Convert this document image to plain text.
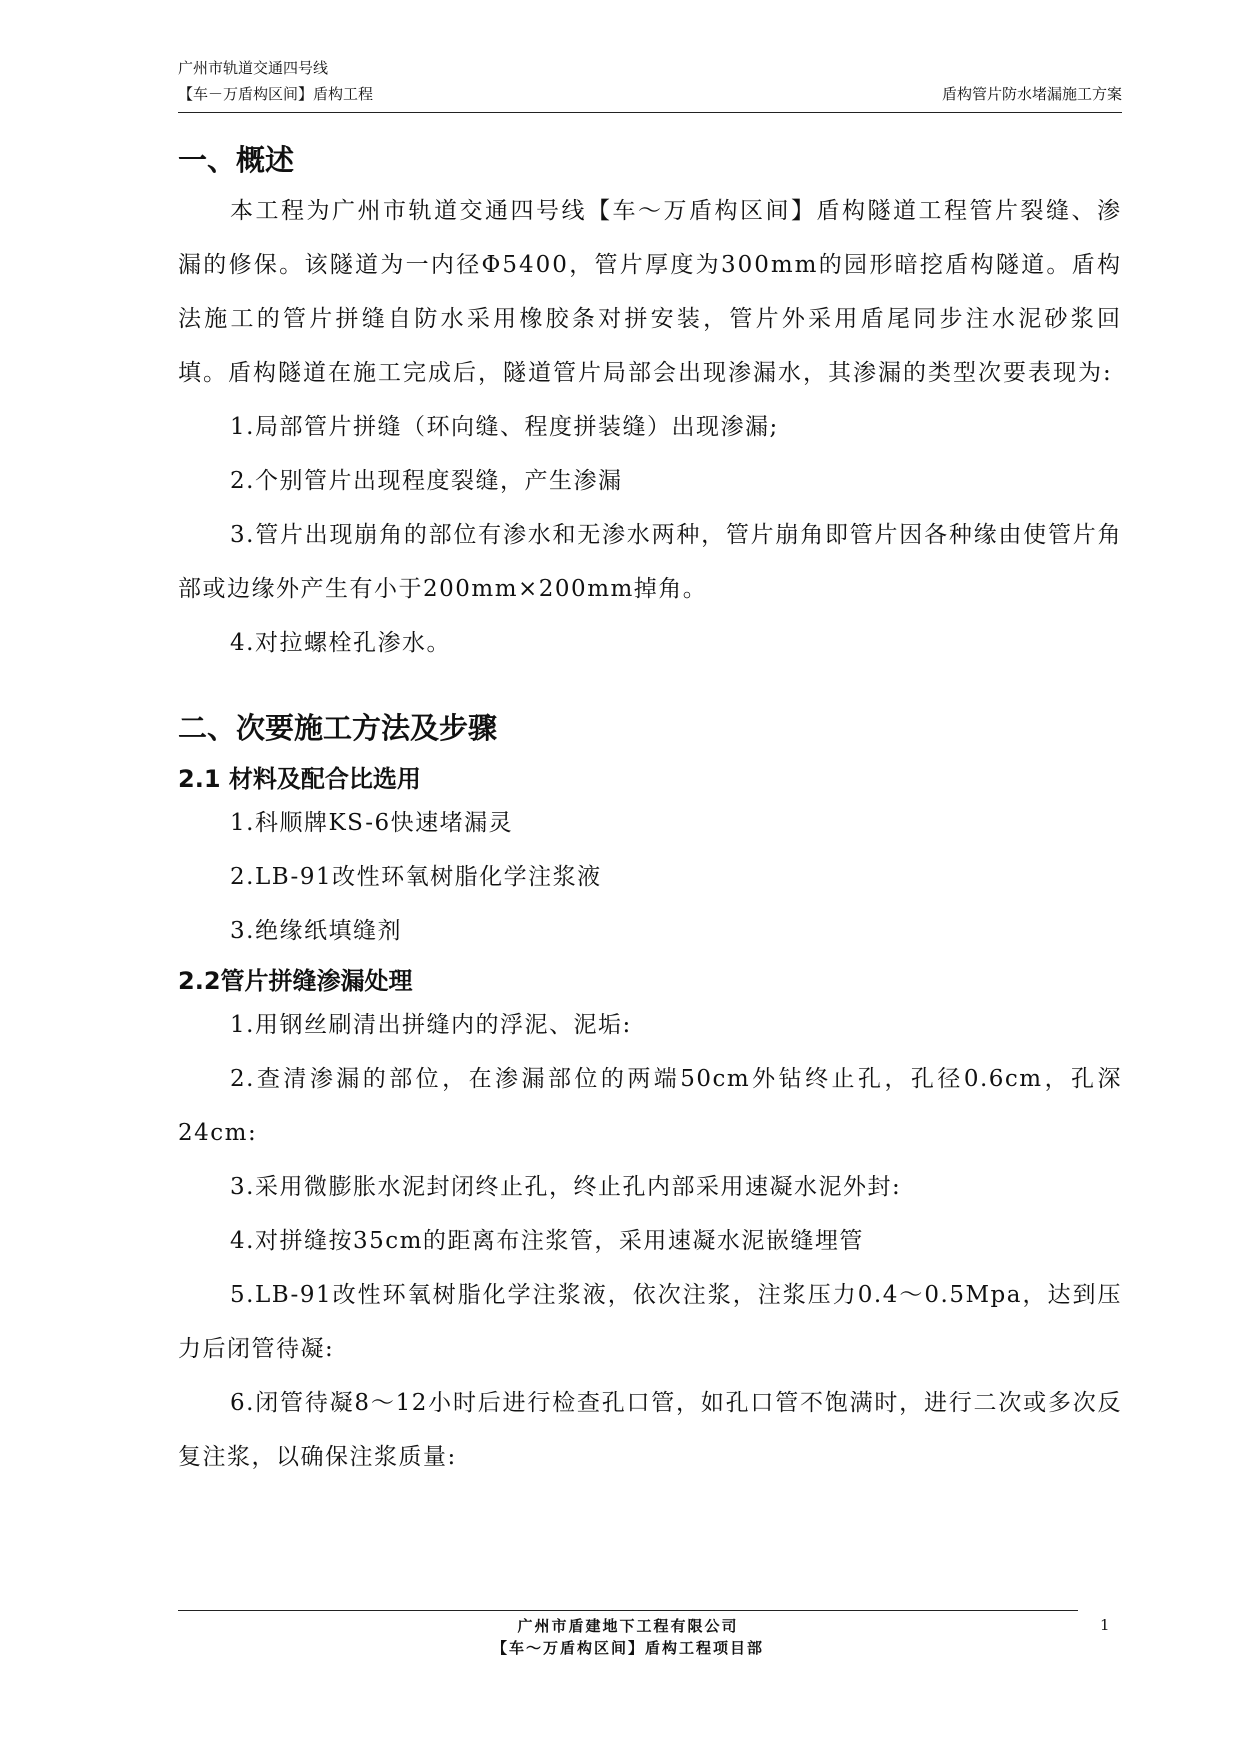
广州市轨道交通四号线
【车－万盾构区间】盾构工程	盾构管片防水堵漏施工方案
一、概述
本工程为广州市轨道交通四号线【车～万盾构区间】盾构隧道工程管片裂缝、渗漏的修保。该隧道为一内径Φ5400，管片厚度为300mm的园形暗挖盾构隧道。盾构法施工的管片拼缝自防水采用橡胶条对拼安装，管片外采用盾尾同步注水泥砂浆回填。盾构隧道在施工完成后，隧道管片局部会出现渗漏水，其渗漏的类型次要表现为:
1.局部管片拼缝（环向缝、程度拼装缝）出现渗漏;
2.个别管片出现程度裂缝，产生渗漏
3.管片出现崩角的部位有渗水和无渗水两种，管片崩角即管片因各种缘由使管片角部或边缘外产生有小于200mm×200mm掉角。
4.对拉螺栓孔渗水。
二、次要施工方法及步骤
2.1 材料及配合比选用
1.科顺牌KS-6快速堵漏灵
2.LB-91改性环氧树脂化学注浆液
3.绝缘纸填缝剂
2.2管片拼缝渗漏处理
1.用钢丝刷清出拼缝内的浮泥、泥垢:
2.查清渗漏的部位，在渗漏部位的两端50cm外钻终止孔，孔径0.6cm，孔深24cm:
3.采用微膨胀水泥封闭终止孔，终止孔内部采用速凝水泥外封:
4.对拼缝按35cm的距离布注浆管，采用速凝水泥嵌缝埋管
5.LB-91改性环氧树脂化学注浆液，依次注浆，注浆压力0.4～0.5Mpa，达到压力后闭管待凝:
6.闭管待凝8～12小时后进行检查孔口管，如孔口管不饱满时，进行二次或多次反复注浆，以确保注浆质量:
广州市盾建地下工程有限公司
【车～万盾构区间】盾构工程项目部
1
